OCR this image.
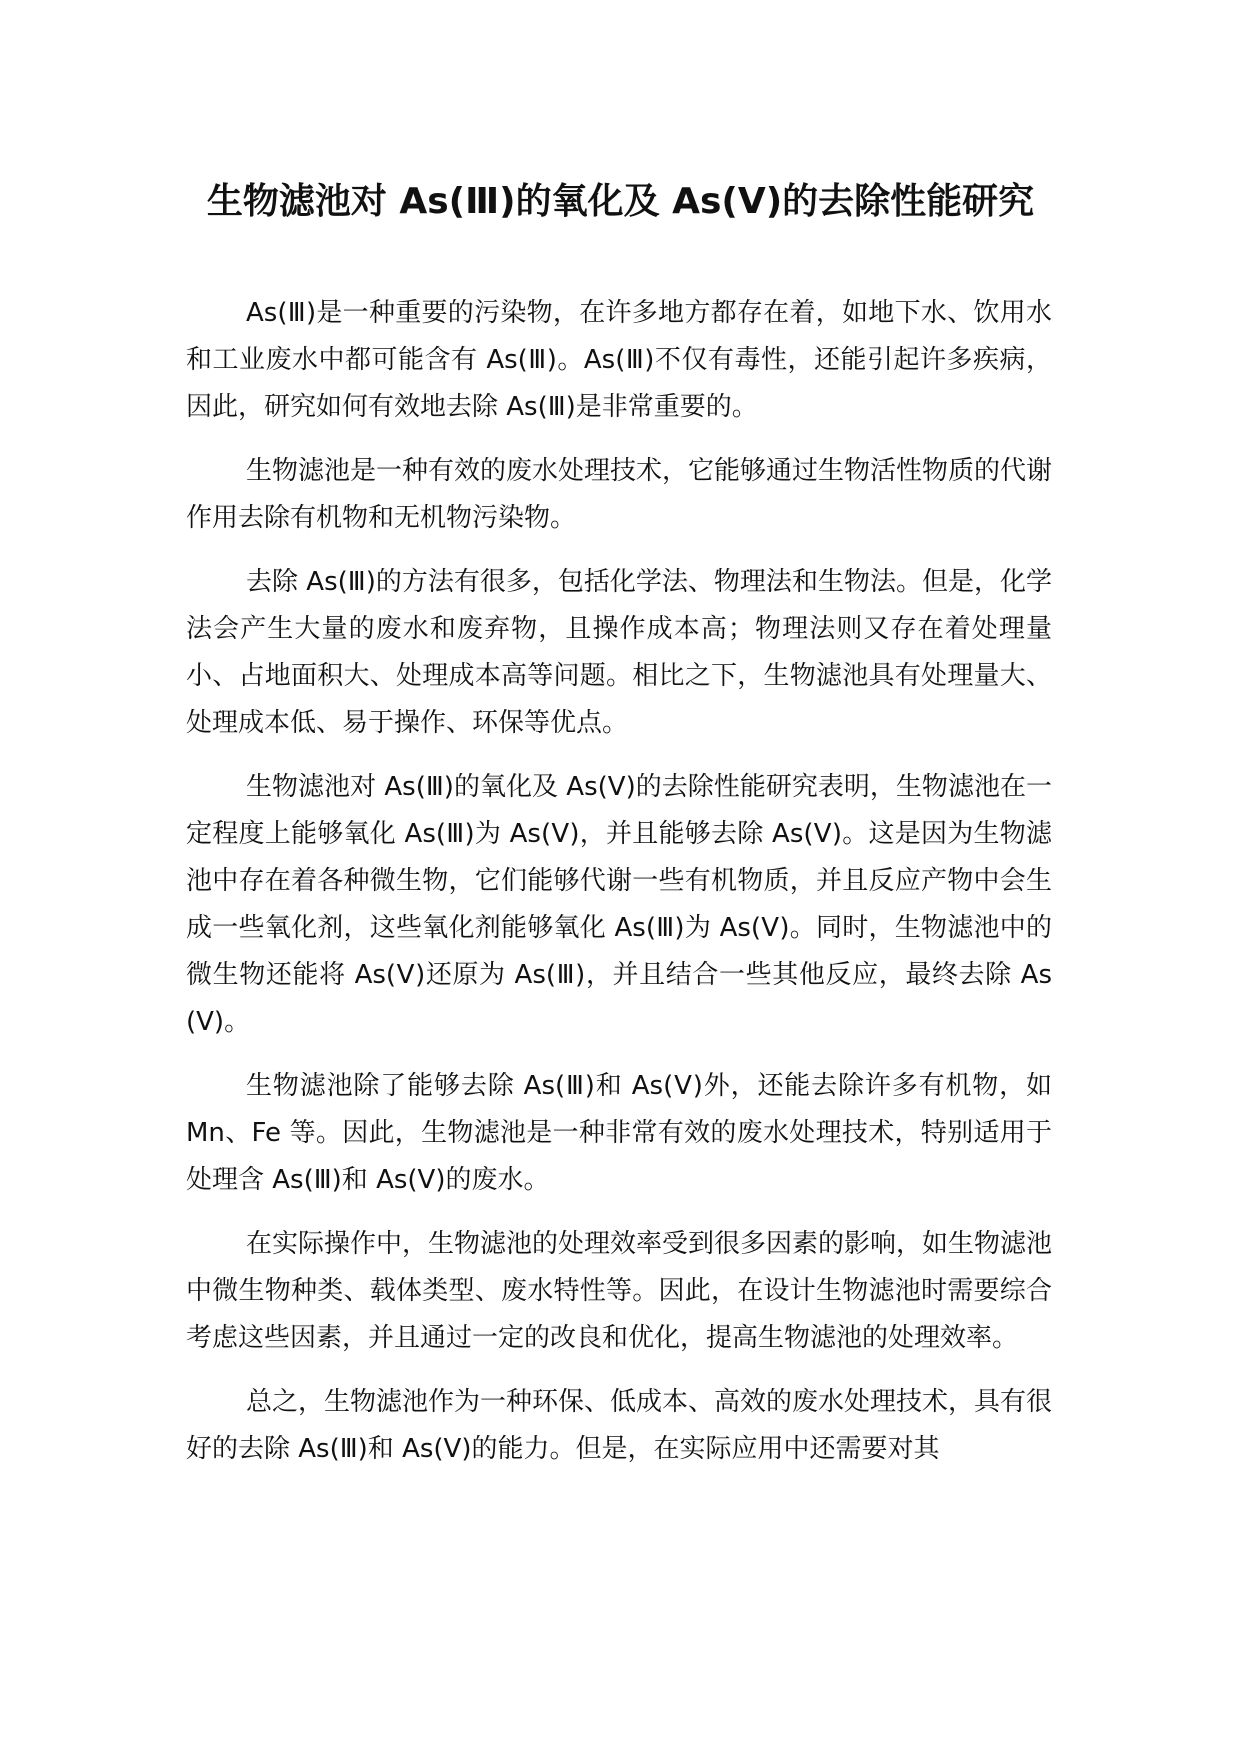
生物滤池对 As(Ⅲ)的氧化及 As(Ⅴ)的去除性能研究

As(Ⅲ)是一种重要的污染物，在许多地方都存在着，如地下水、饮用水和工业废水中都可能含有 As(Ⅲ)。As(Ⅲ)不仅有毒性，还能引起许多疾病，因此，研究如何有效地去除 As(Ⅲ)是非常重要的。

生物滤池是一种有效的废水处理技术，它能够通过生物活性物质的代谢作用去除有机物和无机物污染物。

去除 As(Ⅲ)的方法有很多，包括化学法、物理法和生物法。但是，化学法会产生大量的废水和废弃物，且操作成本高；物理法则又存在着处理量小、占地面积大、处理成本高等问题。相比之下，生物滤池具有处理量大、处理成本低、易于操作、环保等优点。

生物滤池对 As(Ⅲ)的氧化及 As(Ⅴ)的去除性能研究表明，生物滤池在一定程度上能够氧化 As(Ⅲ)为 As(Ⅴ)，并且能够去除 As(Ⅴ)。这是因为生物滤池中存在着各种微生物，它们能够代谢一些有机物质，并且反应产物中会生成一些氧化剂，这些氧化剂能够氧化 As(Ⅲ)为 As(Ⅴ)。同时，生物滤池中的微生物还能将 As(Ⅴ)还原为 As(Ⅲ)，并且结合一些其他反应，最终去除 As(Ⅴ)。

生物滤池除了能够去除 As(Ⅲ)和 As(Ⅴ)外，还能去除许多有机物，如 Mn、Fe 等。因此，生物滤池是一种非常有效的废水处理技术，特别适用于处理含 As(Ⅲ)和 As(Ⅴ)的废水。

在实际操作中，生物滤池的处理效率受到很多因素的影响，如生物滤池中微生物种类、载体类型、废水特性等。因此，在设计生物滤池时需要综合考虑这些因素，并且通过一定的改良和优化，提高生物滤池的处理效率。

总之，生物滤池作为一种环保、低成本、高效的废水处理技术，具有很好的去除 As(Ⅲ)和 As(Ⅴ)的能力。但是，在实际应用中还需要对其
